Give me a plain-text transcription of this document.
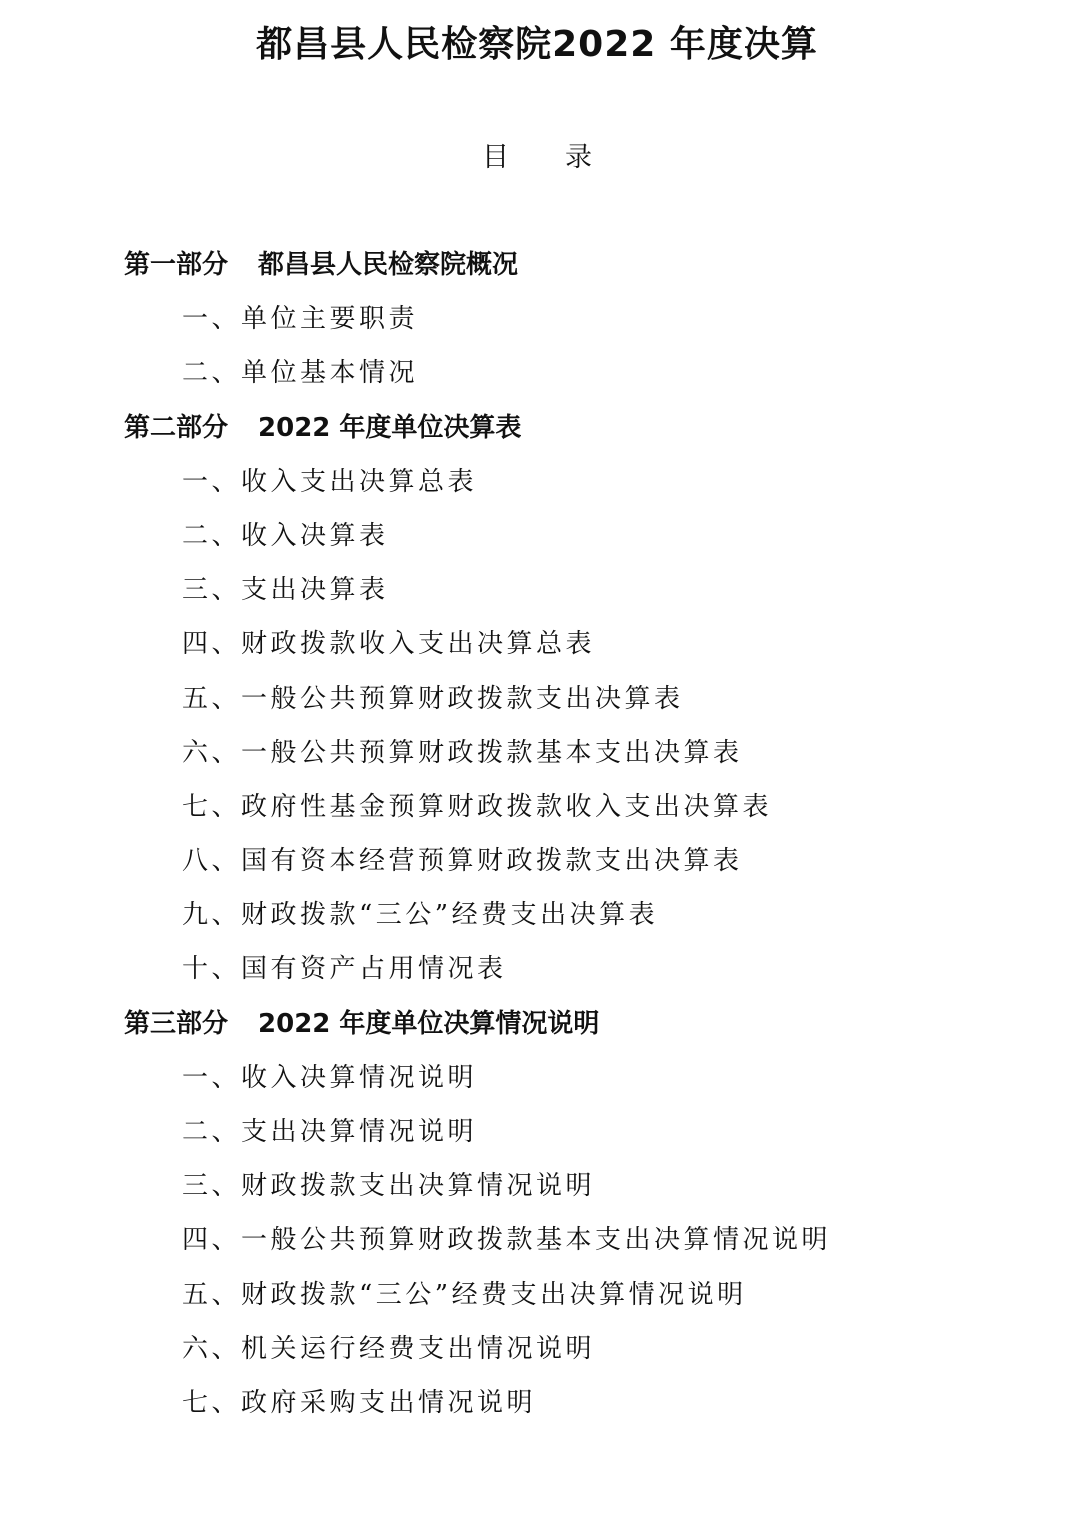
都昌县人民检察院2022 年度决算
目 录
第一部分 都昌县人民检察院概况
一、单位主要职责
二、单位基本情况
第二部分 2022 年度单位决算表
一、收入支出决算总表
二、收入决算表
三、支出决算表
四、财政拨款收入支出决算总表
五、一般公共预算财政拨款支出决算表
六、一般公共预算财政拨款基本支出决算表
七、政府性基金预算财政拨款收入支出决算表
八、国有资本经营预算财政拨款支出决算表
九、财政拨款“三公”经费支出决算表
十、国有资产占用情况表
第三部分 2022 年度单位决算情况说明
一、收入决算情况说明
二、支出决算情况说明
三、财政拨款支出决算情况说明
四、一般公共预算财政拨款基本支出决算情况说明
五、财政拨款“三公”经费支出决算情况说明
六、机关运行经费支出情况说明
七、政府采购支出情况说明
